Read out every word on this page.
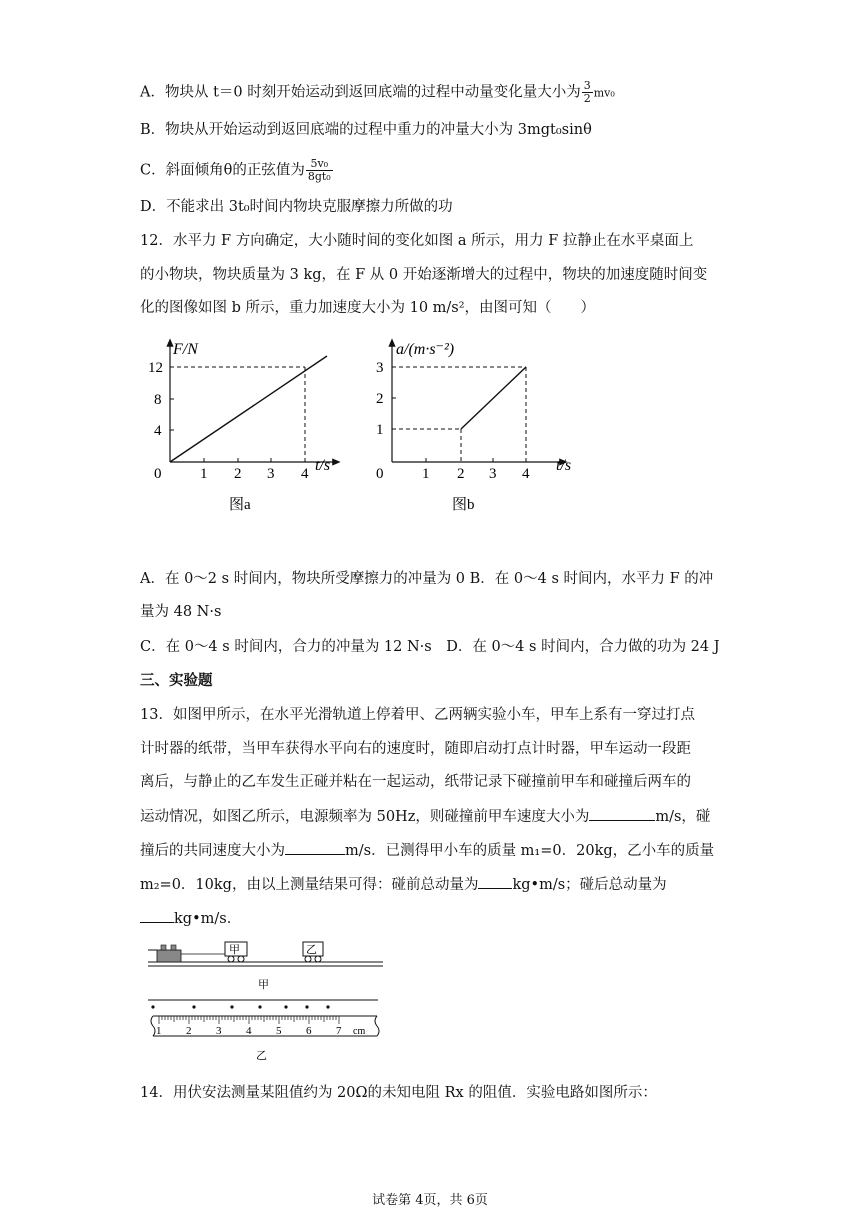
A．物块从 t＝0 时刻开始运动到返回底端的过程中动量变化量大小为 $\frac{3}{2} mv_0$
B．物块从开始运动到返回底端的过程中重力的冲量大小为 3mgt₀sinθ
C．斜面倾角θ的正弦值为 $\frac{\text{5v₀}}{\text{8gt₀}}$
D．不能求出 3t₀时间内物块克服摩擦力所做的功
12．水平力 F 方向确定，大小随时间的变化如图 a 所示，用力 F 拉静止在水平桌面上
的小物块，物块质量为 3 kg，在 F 从 0 开始逐渐增大的过程中，物块的加速度随时间变
化的图像如图 b 所示，重力加速度大小为 10 m/s²，由图可知（　　）
F/N
12
8
4
0	1 2 3 4 t/s
图a
a/(m·s⁻²)
3
2
1
0	1 2 3 4 t/s
图b
A．在 0～2 s 时间内，物块所受摩擦力的冲量为 0 B．在 0～4 s 时间内，水平力 F 的冲
量为 48 N·s
C．在 0～4 s 时间内，合力的冲量为 12 N·s　D．在 0～4 s 时间内，合力做的功为 24 J
三、实验题
13．如图甲所示，在水平光滑轨道上停着甲、乙两辆实验小车，甲车上系有一穿过打点
计时器的纸带，当甲车获得水平向右的速度时，随即启动打点计时器，甲车运动一段距
离后，与静止的乙车发生正碰并粘在一起运动，纸带记录下碰撞前甲车和碰撞后两车的
运动情况，如图乙所示，电源频率为 50Hz，则碰撞前甲车速度大小为	m/s，碰
撞后的共同速度大小为	m/s．已测得甲小车的质量 m₁=0．20kg，乙小车的质量
m₂=0．10kg，由以上测量结果可得：碰前总动量为 kg•m/s；碰后总动量为
kg•m/s．
甲	乙
甲
1 2 3 4 5 6 7 cm
乙
14．用伏安法测量某阻值约为 20Ω的未知电阻 Rx 的阻值．实验电路如图所示：
试卷第 4页，共 6页
